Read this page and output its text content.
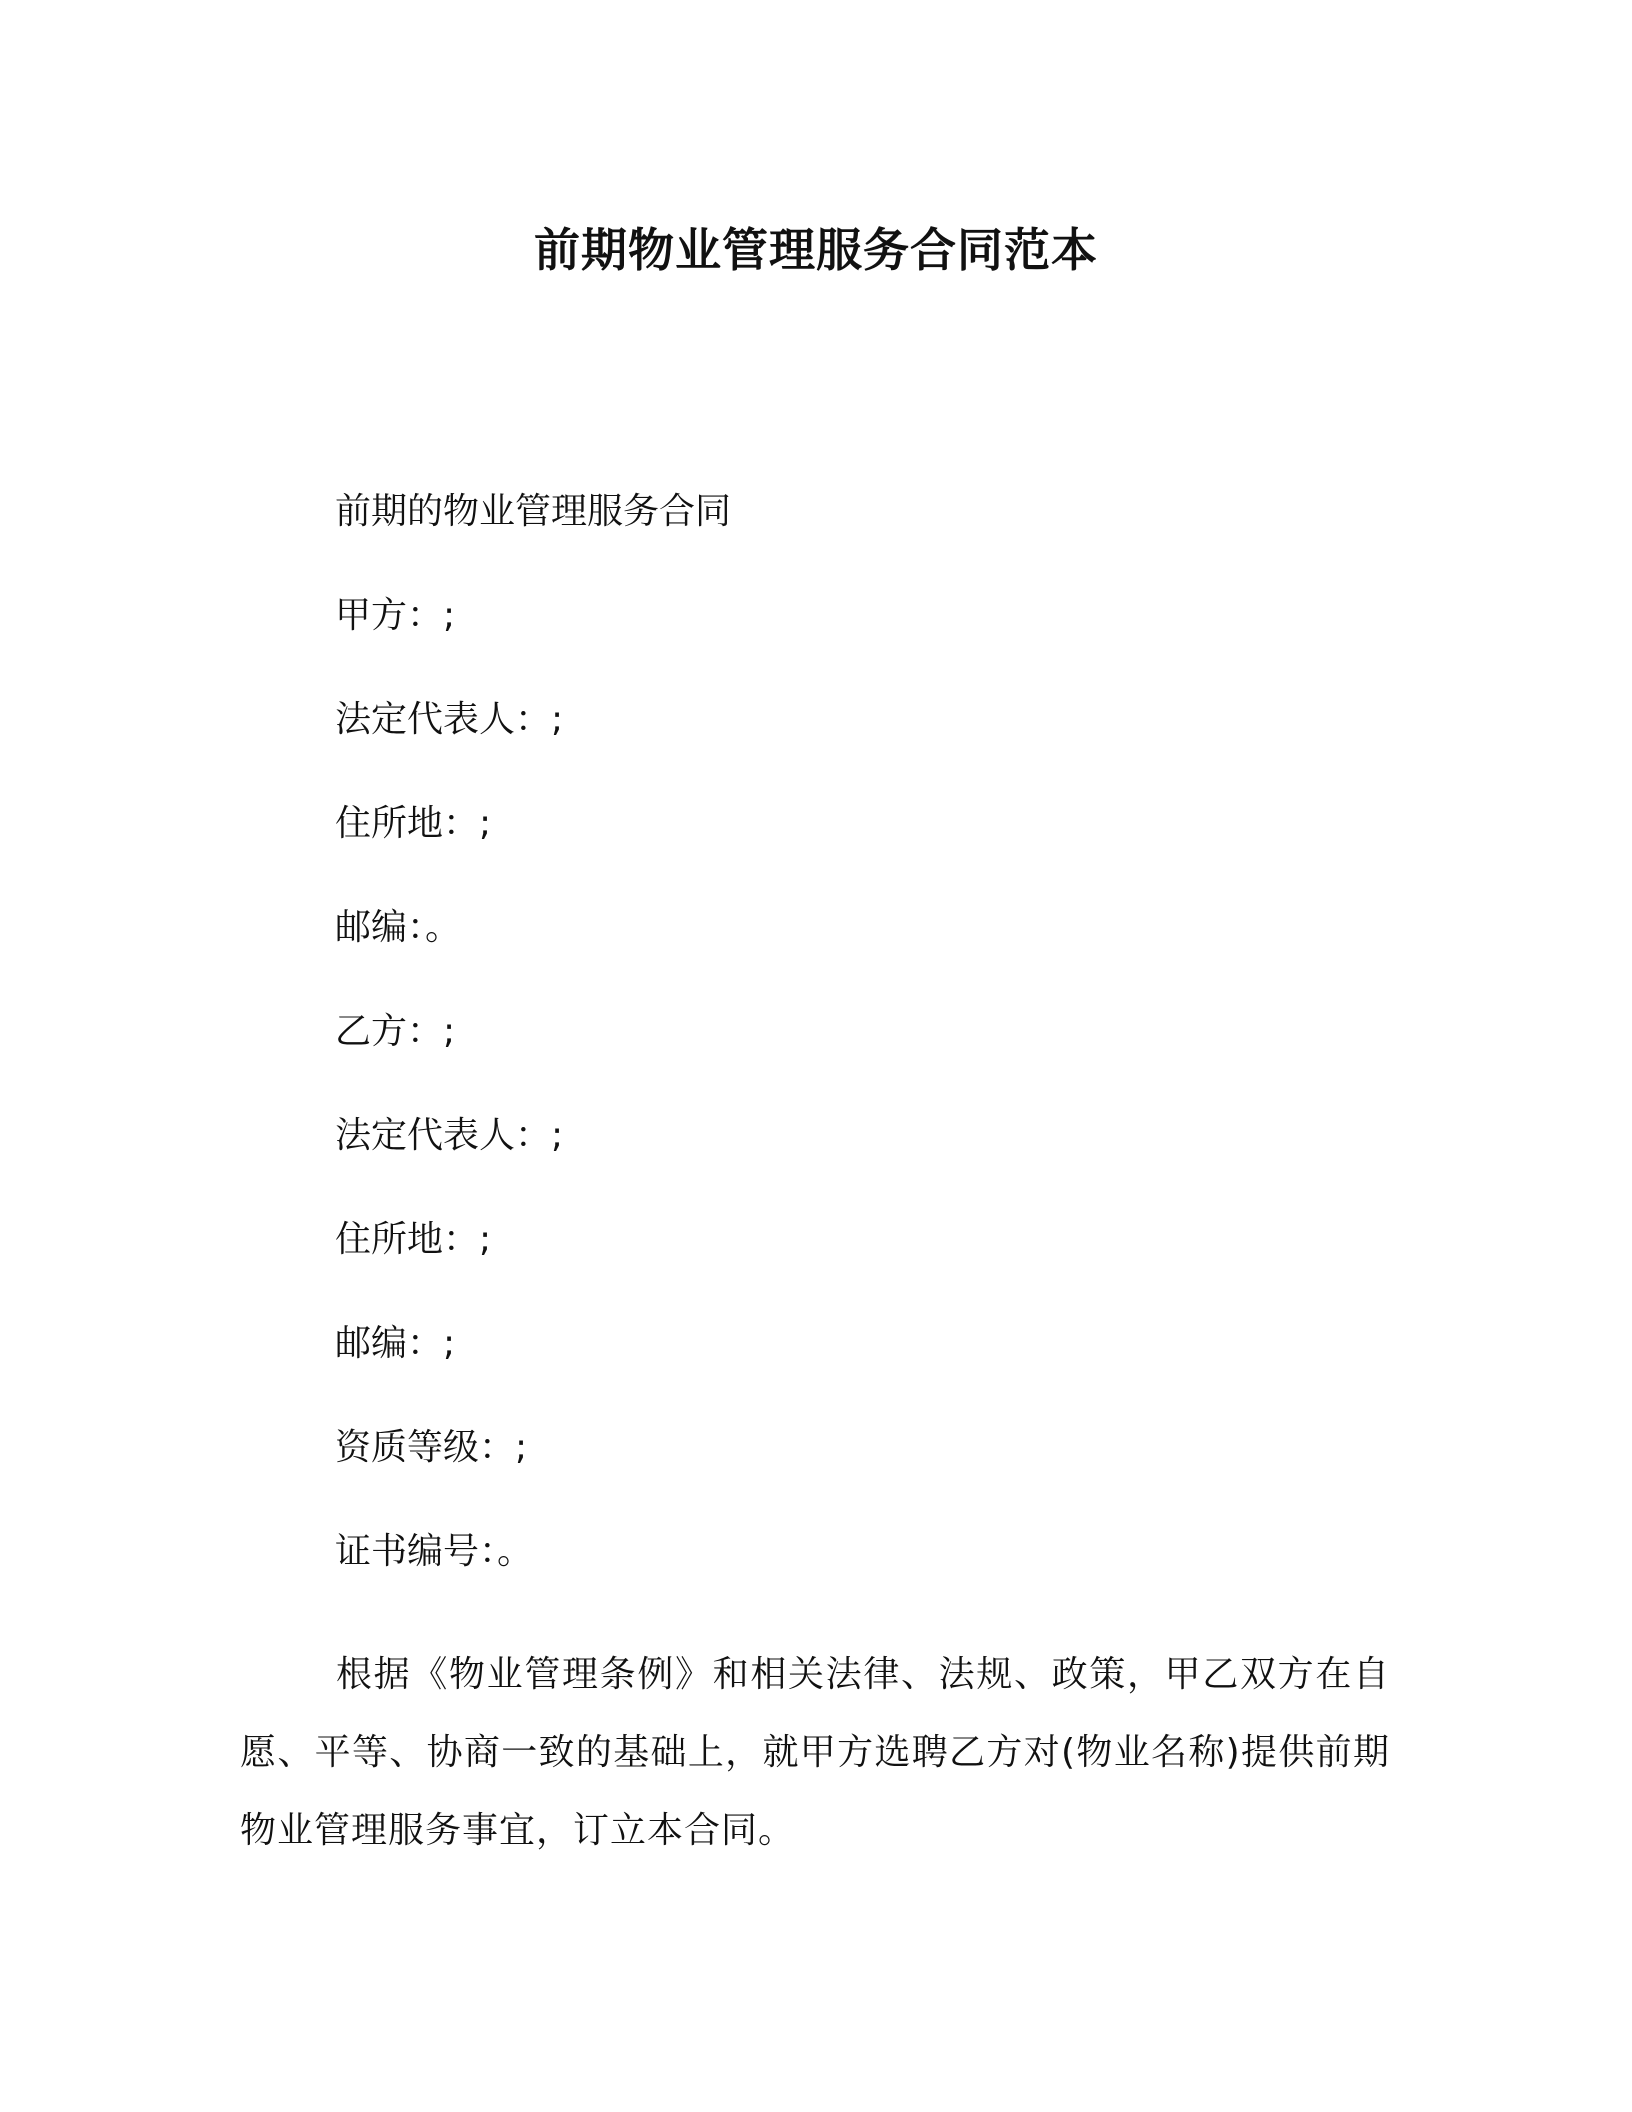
前期物业管理服务合同范本
前期的物业管理服务合同
甲方：;
法定代表人：;
住所地：;
邮编：。
乙方：;
法定代表人：;
住所地：;
邮编：;
资质等级：;
证书编号：。

根据《物业管理条例》和相关法律、法规、政策，甲乙双方在自愿、平等、协商一致的基础上，就甲方选聘乙方对(物业名称)提供前期物业管理服务事宜，订立本合同。
